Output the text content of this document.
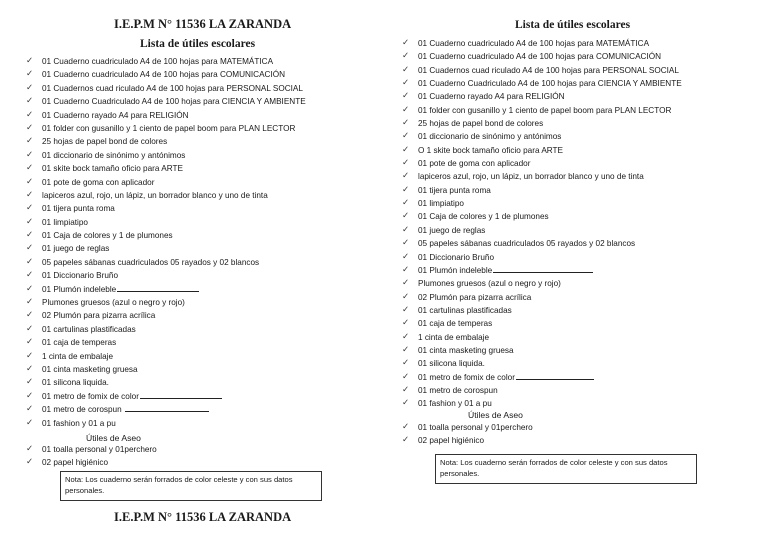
I.E.P.M N° 11536 LA ZARANDA
Lista de útiles escolares
✓ 01 Cuaderno cuadriculado A4 de 100 hojas para MATEMÁTICA
✓ 01 Cuaderno cuadriculado A4 de 100 hojas para COMUNICACIÓN
✓ 01 Cuadernos cuad riculado A4 de 100 hojas para PERSONAL SOCIAL
✓ 01 Cuaderno Cuadriculado A4 de 100 hojas para CIENCIA Y AMBIENTE
✓ 01 Cuaderno rayado A4 para RELIGIÓN
✓ 01 folder con gusanillo y 1 ciento de papel boom para PLAN LECTOR
✓ 25 hojas de papel bond de colores
✓ 01 diccionario de sinónimo y antónimos
✓ 01 skite bock tamaño oficio para ARTE
✓ 01 pote de goma con aplicador
✓ lapiceros azul, rojo, un lápiz, un borrador blanco y uno de tinta
✓ 01 tijera punta roma
✓ 01 limpiatipo
✓ 01 Caja de colores y 1 de plumones
✓ 01 juego de reglas
✓ 05 papeles sábanas cuadriculados 05 rayados y 02 blancos
✓ 01 Diccionario Bruño
✓ 01 Plumón indeleble
✓ Plumones gruesos (azul o negro y rojo)
✓ 02 Plumón para pizarra acrílica
✓ 01 cartulinas plastificadas
✓ 01 caja de temperas
✓ 1 cinta de embalaje
✓ 01 cinta masketing gruesa
✓ 01 silicona liquida.
✓ 01 metro de fomix de color
✓ 01 metro de corospun
✓ 01 fashion y 01 a pu
Útiles de Aseo
✓ 01 toalla personal y 01perchero
✓ 02 papel higiénico
Nota: Los cuaderno serán forrados de color celeste y con sus datos personales.
I.E.P.M N° 11536 LA ZARANDA
Lista de útiles escolares
✓ 01 Cuaderno cuadriculado A4 de 100 hojas para MATEMÁTICA
✓ 01 Cuaderno cuadriculado A4 de 100 hojas para COMUNICACIÓN
✓ 01 Cuadernos cuad riculado A4 de 100 hojas para PERSONAL SOCIAL
✓ 01 Cuaderno Cuadriculado A4 de 100 hojas para CIENCIA Y AMBIENTE
✓ 01 Cuaderno rayado A4 para RELIGIÓN
✓ 01 folder con gusanillo y 1 ciento de papel boom para PLAN LECTOR
✓ 25 hojas de papel bond de colores
✓ 01 diccionario de sinónimo y antónimos
✓ O 1 skite bock tamaño oficio para ARTE
✓ 01 pote de goma con aplicador
✓ lapiceros azul, rojo, un lápiz, un borrador blanco y uno de tinta
✓ 01 tijera punta roma
✓ 01 limpiatipo
✓ 01 Caja de colores y 1 de plumones
✓ 01 juego de reglas
✓ 05 papeles sábanas cuadriculados 05 rayados y 02 blancos
✓ 01 Diccionario Bruño
✓ 01 Plumón indeleble
✓ Plumones gruesos (azul o negro y rojo)
✓ 02 Plumón para pizarra acrílica
✓ 01 cartulinas plastificadas
✓ 01 caja de temperas
✓ 1 cinta de embalaje
✓ 01 cinta masketing gruesa
✓ 01 silicona liquida.
✓ 01 metro de fomix de color
✓ 01 metro de corospun
✓ 01 fashion y 01 a pu
Útiles de Aseo
✓ 01 toalla personal y 01perchero
✓ 02 papel higiénico
Nota: Los cuaderno serán forrados de color celeste y con sus datos personales.
